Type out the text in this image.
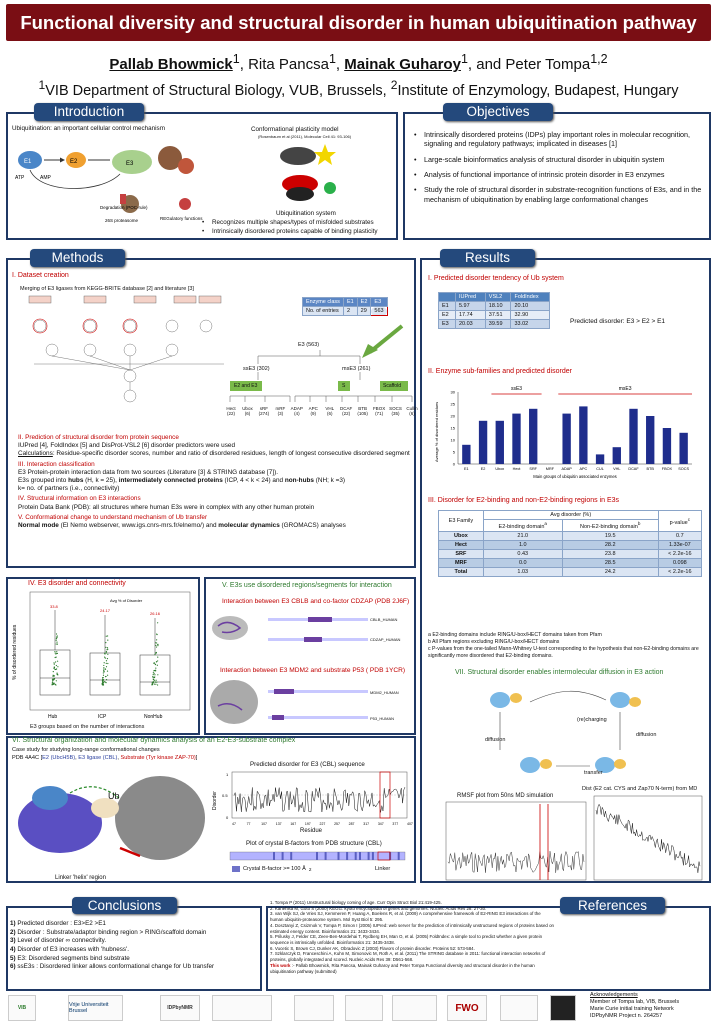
Functional diversity and structural disorder in human ubiquitination pathway
Pallab Bhowmick$^1$, Rita Pancsa$^1$, Mainak Guharoy$^1$, and Peter Tompa$^{1,2}$
$^1$VIB Department of Structural Biology, VUB, Brussels, $^2$Institute of Enzymology, Budapest, Hungary
Introduction
Ubiquitination: an important cellular control mechanism
E1	E2	E3
ATP	AMP
Degradation (POC-rule)
26S proteasome	REGulatory functions
Conformational plasticity model
(Rosenbaum et al (2011), Molecular Cell 41: 93-106)
Ubiquitination system
• Recognizes multiple shapes/types of misfolded substrates
• Intrinsically disordered proteins capable of binding plasticity
Objectives
• Intrinsically disordered proteins (IDPs) play important roles in molecular recognition, signaling and regulatory pathways; implicated in diseases [1]
• Large-scale bioinformatics analysis of structural disorder in ubiquitin system
• Analysis of functional importance of intrinsic protein disorder in E3 enzymes
• Study the role of structural disorder in substrate-recognition functions of E3s, and in the mechanism of ubiquitination by enabling large conformational changes
Methods
I. Dataset creation
Merging of E3 ligases from KEGG-BRITE database [2] and literature [3]
Enzyme class	E1	E2	E3
No. of entries	2	29	563
E3 (563)
ssE3 (302)	msE3 (261)
E2 and E3	S	Scaffold
Hect (22)
Ubox (6)
sRF (274)
mRF (3)
ADAP (4)
APC (9)
VHL (6)
DCAF (22)
BTB (105)
FBOX (71)
SOCS (35)
Cullin (6)
II. Prediction of structural disorder from protein sequence
IUPred [4], FoldIndex [5] and DisProt-VSL2 [6] disorder predictors were used
Calculations: Residue-specific disorder scores, number and ratio of disordered residues, length of longest consecutive disordered segment
III. Interaction classification
E3 Protein-protein interaction data from two sources (Literature [3] & STRING database [7]).
E3s grouped into hubs (H, k = 25), intermediately connected proteins (ICP, 4 < k < 24) and non-hubs (NH; k =3)
k= no. of partners (i.e., connectivity)
IV. Structural information on E3 interactions
Protein Data Bank (PDB): all structures where human E3s were in complex with any other human protein
V. Conformational change to understand mechanism of Ub transfer
Normal mode (El Nemo webserver, www.igs.cnrs-mrs.fr/elnemo/) and molecular dynamics (GROMACS) analyses
Results
I. Predicted disorder tendency of Ub system
	IUPred	VSL2	FoldIndex
E1	5.97	18.10	20.10
E2	17.74	37.51	32.90
E3	20.03	39.59	33.02	Predicted disorder: E3 > E2 > E1
II. Enzyme sub-families and predicted disorder
0
5
10
15
20
25
30
E1	E2	Ubox Hect SRF MRF ADAP APC CUL VHL DCAF BTB FBOX SOCS
Average % of disordered residues
Main groups of ubiquitin associated enzymes
ssE3	msE3
III. Disorder for E2-binding and non-E2-binding regions in E3s
E3 Family	Avg disorder (%)		p-value$^c$
	E2-binding domain$^a$	Non-E2-binding domain$^b$
Ubox	21.0	19.5	0.7
Hect	1.0	28.2	1.33e-07
SRF	0.43	23.8	< 2.2e-16
MRF	0.0	28.5	0.098
Total	1.03	24.2	< 2.2e-16
a E2-binding domains include RING/U-box/HECT domains taken from Pfam
b All Pfam regions excluding RING/U-box/HECT domains
c P-values from the one-tailed Mann-Whitney U-test corresponding to the hypothesis that non-E2-binding domains are significantly more disordered that E2-binding domains.
VII. Structural disorder enables intermolecular diffusion in E3 action
(re)charging
diffusion
diffusion
transfer
RMSF plot from 50ns MD simulation
Dist (E2 cat. CYS and Zap70 N-term) from MD
IV. E3 disorder and connectivity
% of disordered residues
Avg % of Disorder
33.8
24.17
26.16
Hub	ICP	NonHub
E3 groups based on the number of interactions
V. E3s use disordered regions/segments for interaction
Interaction between E3 CBLB and co-factor CDZAP (PDB 2J6F)
CBLB_HUMAN
CDZAP_HUMAN
Interaction between E3 MDM2 and substrate P53 ( PDB 1YCR)
MDM2_HUMAN
P53_HUMAN
VI. Structural organization and molecular dynamics analysis of an E2-E3-substrate complex
Case study for studying long-range conformational changes
PDB 4A4C [E2 (UbcH5B), E3 ligase (CBL), Substrate (Tyr kinase ZAP-70)]
Ub
Linker 'helix' region
Predicted disorder for E3 (CBL) sequence
Disorder
47	77	107 137 167 197 227 257 287 317 347 377 407
1
0.5
0
Residue
Plot of crystal B-factors from PDB structure (CBL)
Crystal B-factor >= 100 Å 2	Linker
Conclusions
1) Predicted disorder : E3>E2 >E1
2) Disorder : Substrate/adaptor binding region > RING/scaffold domain
3) Level of disorder ∞ connectivity.
4) Disorder of E3 increases with 'hubness'.
5) E3: Disordered segments bind substrate
6) ssE3s : Disordered linker allows conformational change for Ub transfer
References
1. Tompa P (2011) Unstructural biology coming of age. Curr Opin Struct Biol 21:419-425.
2. Kanehisa M, Goto S (2000) KEGG: kyoto encyclopedia of genes and genomes. Nucleic Acids Res 28: 27-30.
3. van Wijk SJ, de Vries SJ, Kemmeren P, Huang A, Boelens R, et al. (2009) A comprehensive framework of E2-RING E3 interactions of the human ubiquitin-proteasome system. Mol Syst Biol 5: 295.
4. Dosztanyi Z, Csizmok V, Tompa P, Simon I (2005) IUPred: web server for the prediction of intrinsically unstructured regions of proteins based on estimated energy content. Bioinformatics 21: 3433-3434.
5. Prilusky J, Felder CE, Zeev-Ben-Mordehai T, Rydberg EH, Man O, et al. (2005) FoldIndex: a simple tool to predict whether a given protein sequence is intrinsically unfolded. Bioinformatics 21: 3435-3438.
6. Vucetic S, Brown CJ, Dunker AK, Obradovic Z (2003) Flavors of protein disorder. Proteins 52: 573-584.
7. Szklarczyk D, Franceschini A, Kuhn M, Simonovic M, Roth A, et al. (2011) The STRING database in 2011: functional interaction networks of proteins, globally integrated and scored. Nucleic Acids Res 39: D561-568.
This work :- Pallab Bhowmick, Rita Pancsa, Mainak Guharoy and Peter Tompa Functional diversity and structural disorder in the human ubiquitination pathway (submitted)
VIB	Vrije Universiteit Brussel	IDPbyNMR	FWO
Acknowledgements
Member of Tompa lab, VIB, Brussels
Marie Curie initial training Network
IDPbyNMR Project n. 264257
